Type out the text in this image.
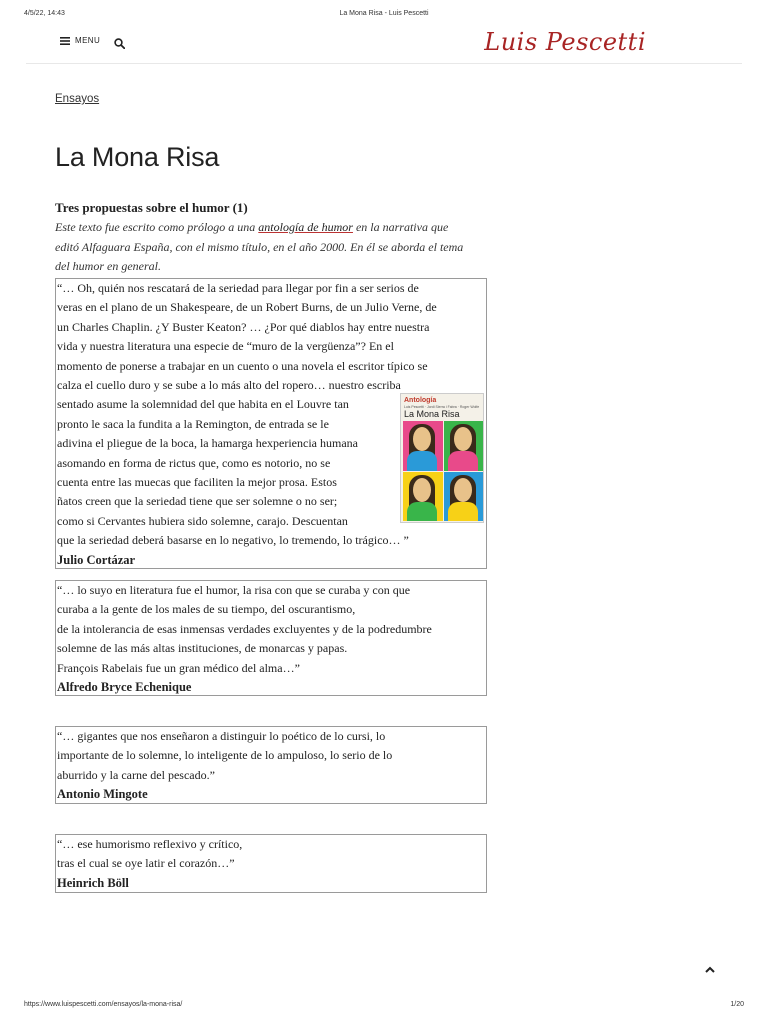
4/5/22, 14:43	La Mona Risa - Luis Pescetti
MENU	Luis Pescetti
Ensayos
La Mona Risa
Tres propuestas sobre el humor (1)
Este texto fue escrito como prólogo a una antología de humor en la narrativa que editó Alfaguara España, con el mismo título, en el año 2000. En él se aborda el tema del humor en general.
“… Oh, quién nos rescatará de la seriedad para llegar por fin a ser serios de
veras en el plano de un Shakespeare, de un Robert Burns, de un Julio Verne, de
un Charles Chaplin. ¿Y Buster Keaton? … ¿Por qué diablos hay entre nuestra
vida y nuestra literatura una especie de “muro de la vergüenza”? En el
momento de ponerse a trabajar en un cuento o una novela el escritor típico se
calza el cuello duro y se sube a lo más alto del ropero… nuestro escriba
sentado asume la solemnidad del que habita en el Louvre tan
pronto le saca la fundita a la Remington, de entrada se le
adivina el pliegue de la boca, la hamarga hexperiencia humana
asomando en forma de rictus que, como es notorio, no se
cuenta entre las muecas que faciliten la mejor prosa. Estos
ñatos creen que la seriedad tiene que ser solemne o no ser;
como si Cervantes hubiera sido solemne, carajo. Descuentan
que la seriedad deberá basarse en lo negativo, lo tremendo, lo trágico… ”
Julio Cortázar
Antología
Luis Pescetti · Jordi Sierra i Fabra · Roger Wolfe
La Mona Risa
“… lo suyo en literatura fue el humor, la risa con que se curaba y con que
curaba a la gente de los males de su tiempo, del oscurantismo,
de la intolerancia de esas inmensas verdades excluyentes y de la podredumbre
solemne de las más altas instituciones, de monarcas y papas.
François Rabelais fue un gran médico del alma…”
Alfredo Bryce Echenique
“… gigantes que nos enseñaron a distinguir lo poético de lo cursi, lo
importante de lo solemne, lo inteligente de lo ampuloso, lo serio de lo
aburrido y la carne del pescado.”
Antonio Mingote
“… ese humorismo reflexivo y crítico,
tras el cual se oye latir el corazón…”
Heinrich Böll
https://www.luispescetti.com/ensayos/la-mona-risa/	1/20
